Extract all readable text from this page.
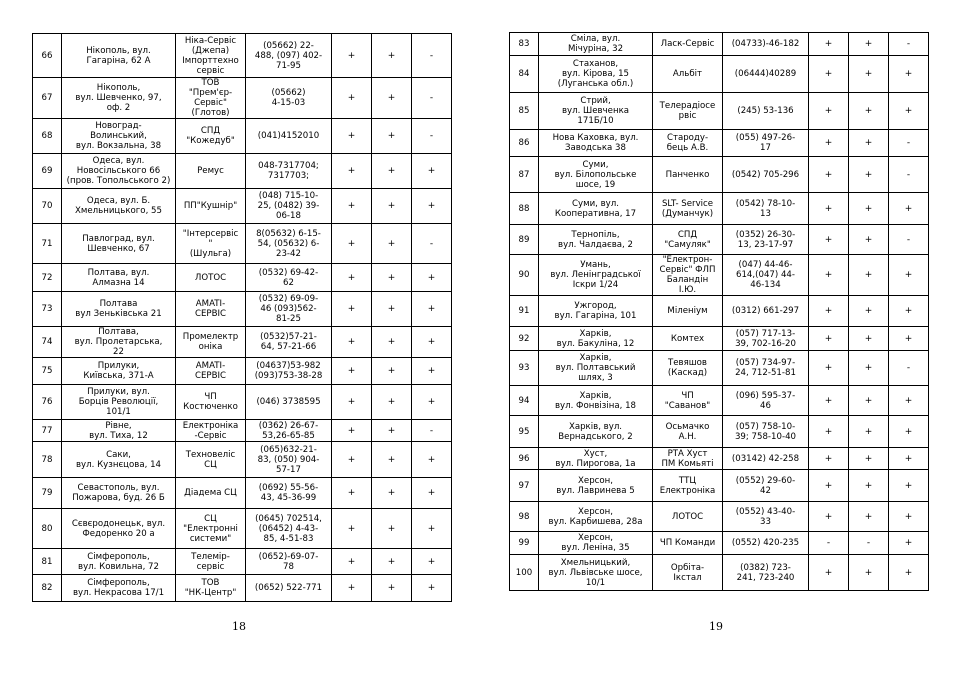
66	Нікополь, вул.
Гагаріна, 62 А	Ніка-Сервіс
(Джепа)
Імпорттехно
сервіс	(05662) 22-
488, (097) 402-
71-95	+	+	-
67	Нікополь,
вул. Шевченко, 97,
оф. 2	ТОВ
"Прем'єр-
Сервіс"
(Глотов)	(05662)
4-15-03	+	+	-
68	Новоград-
Волинський,
вул. Вокзальна, 38	СПД
"Кожедуб"	(041)4152010	+	+	-
69	Одеса, вул.
Новосільського 66
(пров. Топольського 2)	Ремус	048-7317704;
7317703;	+	+	+
70	Одеса, вул. Б.
Хмельницького, 55	ПП"Кушнір"	(048) 715-10-
25, (0482) 39-
06-18	+	+	+
71	Павлоград, вул.
Шевченко, 67	"Інтерсервіс
"
(Шульга)	8(05632) 6-15-
54, (05632) 6-
23-42	+	+	-
72	Полтава, вул.
Алмазна 14	ЛОТОС	(0532) 69-42-
62	+	+	+
73	Полтава
вул Зеньківська 21	AMATI-
СЕРВІС	(0532) 69-09-
46 (093)562-
81-25	+	+	+
74	Полтава,
вул. Пролетарська,
22	Промелектр
оніка	(0532)57-21-
64, 57-21-66	+	+	+
75	Прилуки,
Київська, 371-А	AMATI-
СЕРВІС	(04637)53-982
(093)753-38-28	+	+	+
76	Прилуки, вул.
Борців Революції,
101/1	ЧП
Костюченко	(046) 3738595	+	+	+
77	Рівне,
вул. Тиха, 12	Електроніка
-Сервіс	(0362) 26-67-
53,26-65-85	+	+	-
78	Саки,
вул. Кузнєцова, 14	Техновеліс
СЦ	(065)632-21-
83, (050) 904-
57-17	+	+	+
79	Севастополь, вул.
Пожарова, буд. 26 Б	Діадема СЦ	(0692) 55-56-
43, 45-36-99	+	+	+
80	Сєвєродонецьк, вул.
Федоренко 20 а	СЦ
"Електронні
системи"	(0645) 702514,
(06452) 4-43-
85, 4-51-83	+	+	+
81	Сімферополь,
вул. Ковильна, 72	Телемір-
сервіс	(0652)-69-07-
78	+	+	+
82	Сімферополь,
вул. Некрасова 17/1	ТОВ
"НК-Центр"	(0652) 522-771	+	+	+
18
83	Сміла, вул.
Мічуріна, 32	Ласк-Сервіс	(04733)-46-182	+	+	-
84	Стаханов,
вул. Кірова, 15
(Луганська обл.)	Альбіт	(06444)40289	+	+	+
85	Стрий,
вул. Шевченка
171Б/10	Телерадіосе
рвіс	(245) 53-136	+	+	+
86	Нова Каховка, вул.
Заводська 38	Староду-
бець А.В.	(055) 497-26-
17	+	+	-
87	Суми,
вул. Білопольське
шосе, 19	Панченко	(0542) 705-296	+	+	-
88	Суми, вул.
Кооперативна, 17	SLT- Service
(Думанчук)	(0542) 78-10-
13	+	+	+
89	Тернопіль,
вул. Чалдаєва, 2	СПД
"Самуляк"	(0352) 26-30-
13, 23-17-97	+	+	-
90	Умань,
вул. Ленінградської
Іскри 1/24	"Електрон-
Сервіс" ФЛП
Баландін
І.Ю.	(047) 44-46-
614,(047) 44-
46-134	+	+	+
91	Ужгород,
вул. Гагаріна, 101	Міленіум	(0312) 661-297	+	+	+
92	Харків,
вул. Бакуліна, 12	Комтех	(057) 717-13-
39, 702-16-20	+	+	+
93	Харків,
вул. Полтавський
шлях, 3	Тевяшов
(Каскад)	(057) 734-97-
24, 712-51-81	+	+	-
94	Харків,
вул. Фонвізіна, 18	ЧП
"Саванов"	(096) 595-37-
46	+	+	+
95	Харків, вул.
Вернадського, 2	Осьмачко
А.Н.	(057) 758-10-
39; 758-10-40	+	+	+
96	Хуст,
вул. Пирогова, 1а	РТА Хуст
ПМ Комьяті	(03142) 42-258	+	+	+
97	Херсон,
вул. Лавринева 5	ТТЦ
Електроніка	(0552) 29-60-
42	+	+	+
98	Херсон,
вул. Карбишева, 28а	ЛОТОС	(0552) 43-40-
33	+	+	+
99	Херсон,
вул. Леніна, 35	ЧП Команди	(0552) 420-235	-	-	+
100	Хмельницький,
вул. Львівське шосе,
10/1	Орбіта-
Ікстал	(0382) 723-
241, 723-240	+	+	+
19
